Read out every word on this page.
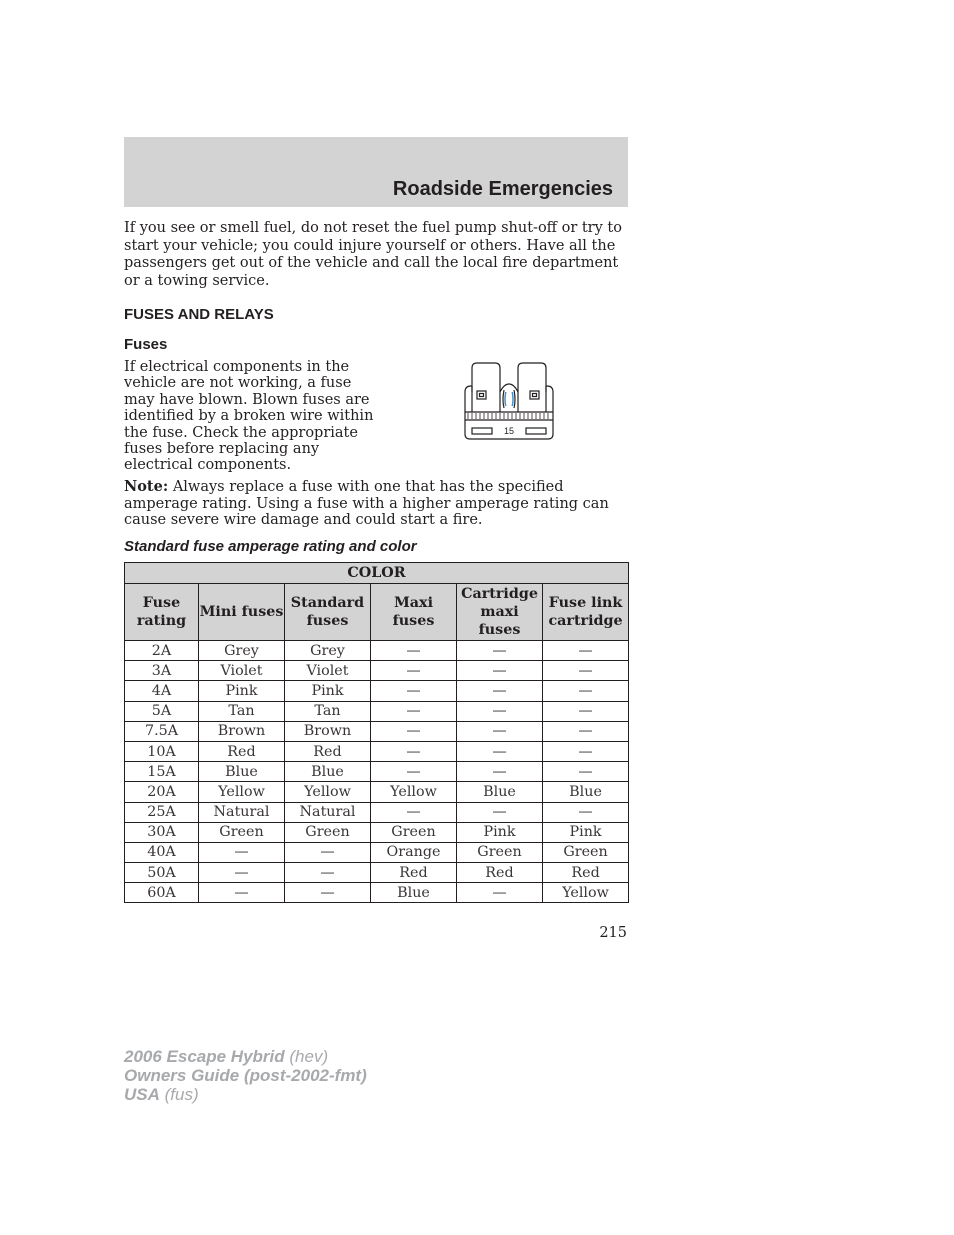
Roadside Emergencies
If you see or smell fuel, do not reset the fuel pump shut-off or try to start your vehicle; you could injure yourself or others. Have all the passengers get out of the vehicle and call the local fire department or a towing service.
FUSES AND RELAYS
Fuses
If electrical components in the vehicle are not working, a fuse may have blown. Blown fuses are identified by a broken wire within the fuse. Check the appropriate fuses before replacing any electrical components.
15
Note: Always replace a fuse with one that has the specified amperage rating. Using a fuse with a higher amperage rating can cause severe wire damage and could start a fire.
Standard fuse amperage rating and color
COLOR					
Fuse rating	Mini fuses	Standard fuses	Maxi fuses	Cartridge maxi fuses	Fuse link cartridge
2A	Grey	Grey	—	—	—
3A	Violet	Violet	—	—	—
4A	Pink	Pink	—	—	—
5A	Tan	Tan	—	—	—
7.5A	Brown	Brown	—	—	—
10A	Red	Red	—	—	—
15A	Blue	Blue	—	—	—
20A	Yellow	Yellow	Yellow	Blue	Blue
25A	Natural	Natural	—	—	—
30A	Green	Green	Green	Pink	Pink
40A	—	—	Orange	Green	Green
50A	—	—	Red	Red	Red
60A	—	—	Blue	—	Yellow
215
2006 Escape Hybrid (hev)
Owners Guide (post-2002-fmt)
USA (fus)
